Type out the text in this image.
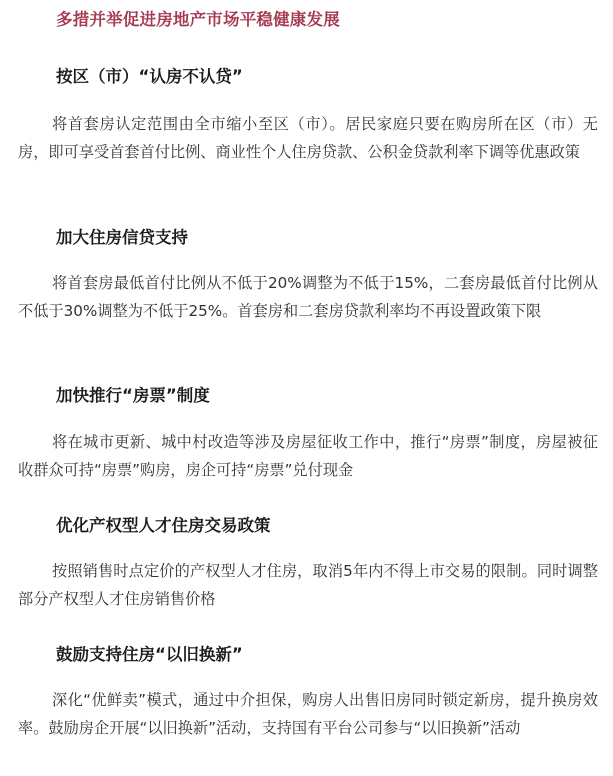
多措并举促进房地产市场平稳健康发展
按区（市）“认房不认贷”

将首套房认定范围由全市缩小至区（市）。居民家庭只要在购房所在区（市）无房，即可享受首套首付比例、商业性个人住房贷款、公积金贷款利率下调等优惠政策

加大住房信贷支持

将首套房最低首付比例从不低于20%调整为不低于15%，二套房最低首付比例从不低于30%调整为不低于25%。首套房和二套房贷款利率均不再设置政策下限

加快推行“房票”制度

将在城市更新、城中村改造等涉及房屋征收工作中，推行“房票”制度，房屋被征收群众可持“房票”购房，房企可持“房票”兑付现金

优化产权型人才住房交易政策

按照销售时点定价的产权型人才住房，取消5年内不得上市交易的限制。同时调整部分产权型人才住房销售价格

鼓励支持住房“以旧换新”

深化“优鲜卖”模式，通过中介担保，购房人出售旧房同时锁定新房，提升换房效率。鼓励房企开展“以旧换新”活动，支持国有平台公司参与“以旧换新”活动
